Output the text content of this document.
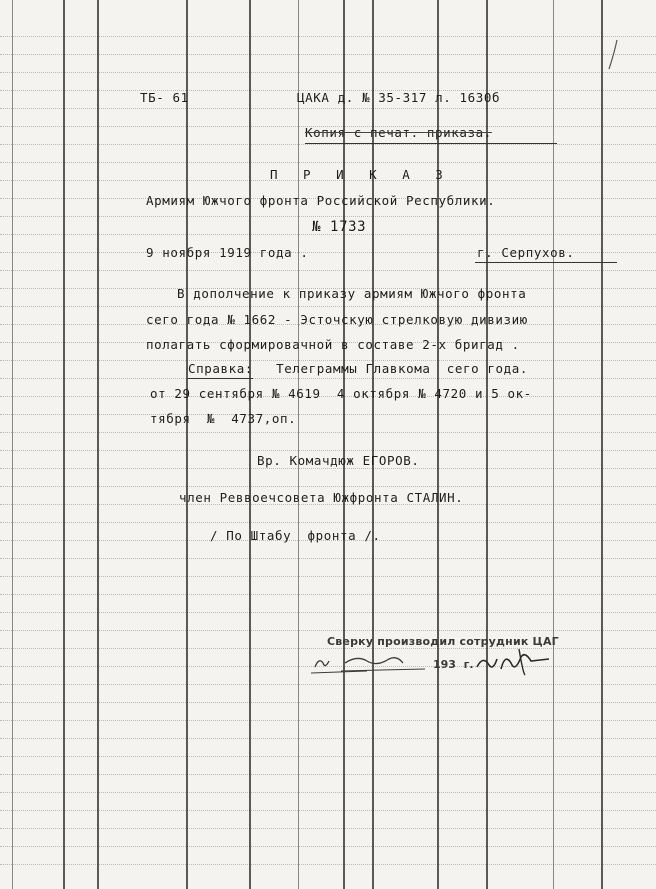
ТБ- 61	ЦАКА д. № 35-317 л. 1630б
Копия с печат. приказа.
П Р И К А З
Армиям Южчого фронта Российской Республики.
№ 1733
9 ноября 1919 года .	г. Серпухов.
В дополчение к приказу армиям Южчого фронта
сего года № 1662 - Эсточскую стрелковую дивизию
полагать сформировачной в составе 2-х бригад .
Справка: Телеграммы Главкома  сего года.
от 29 сентября № 4619  4 октября № 4720 и 5 ок-
тября  №  4737,оп.
Вр. Комачдюж ЕГОРОВ.
член Реввоечсовета Южфронта СТАЛИН.
/ По Штабу  фронта /.
Сверку производил сотрудник ЦАГ
193  г.
